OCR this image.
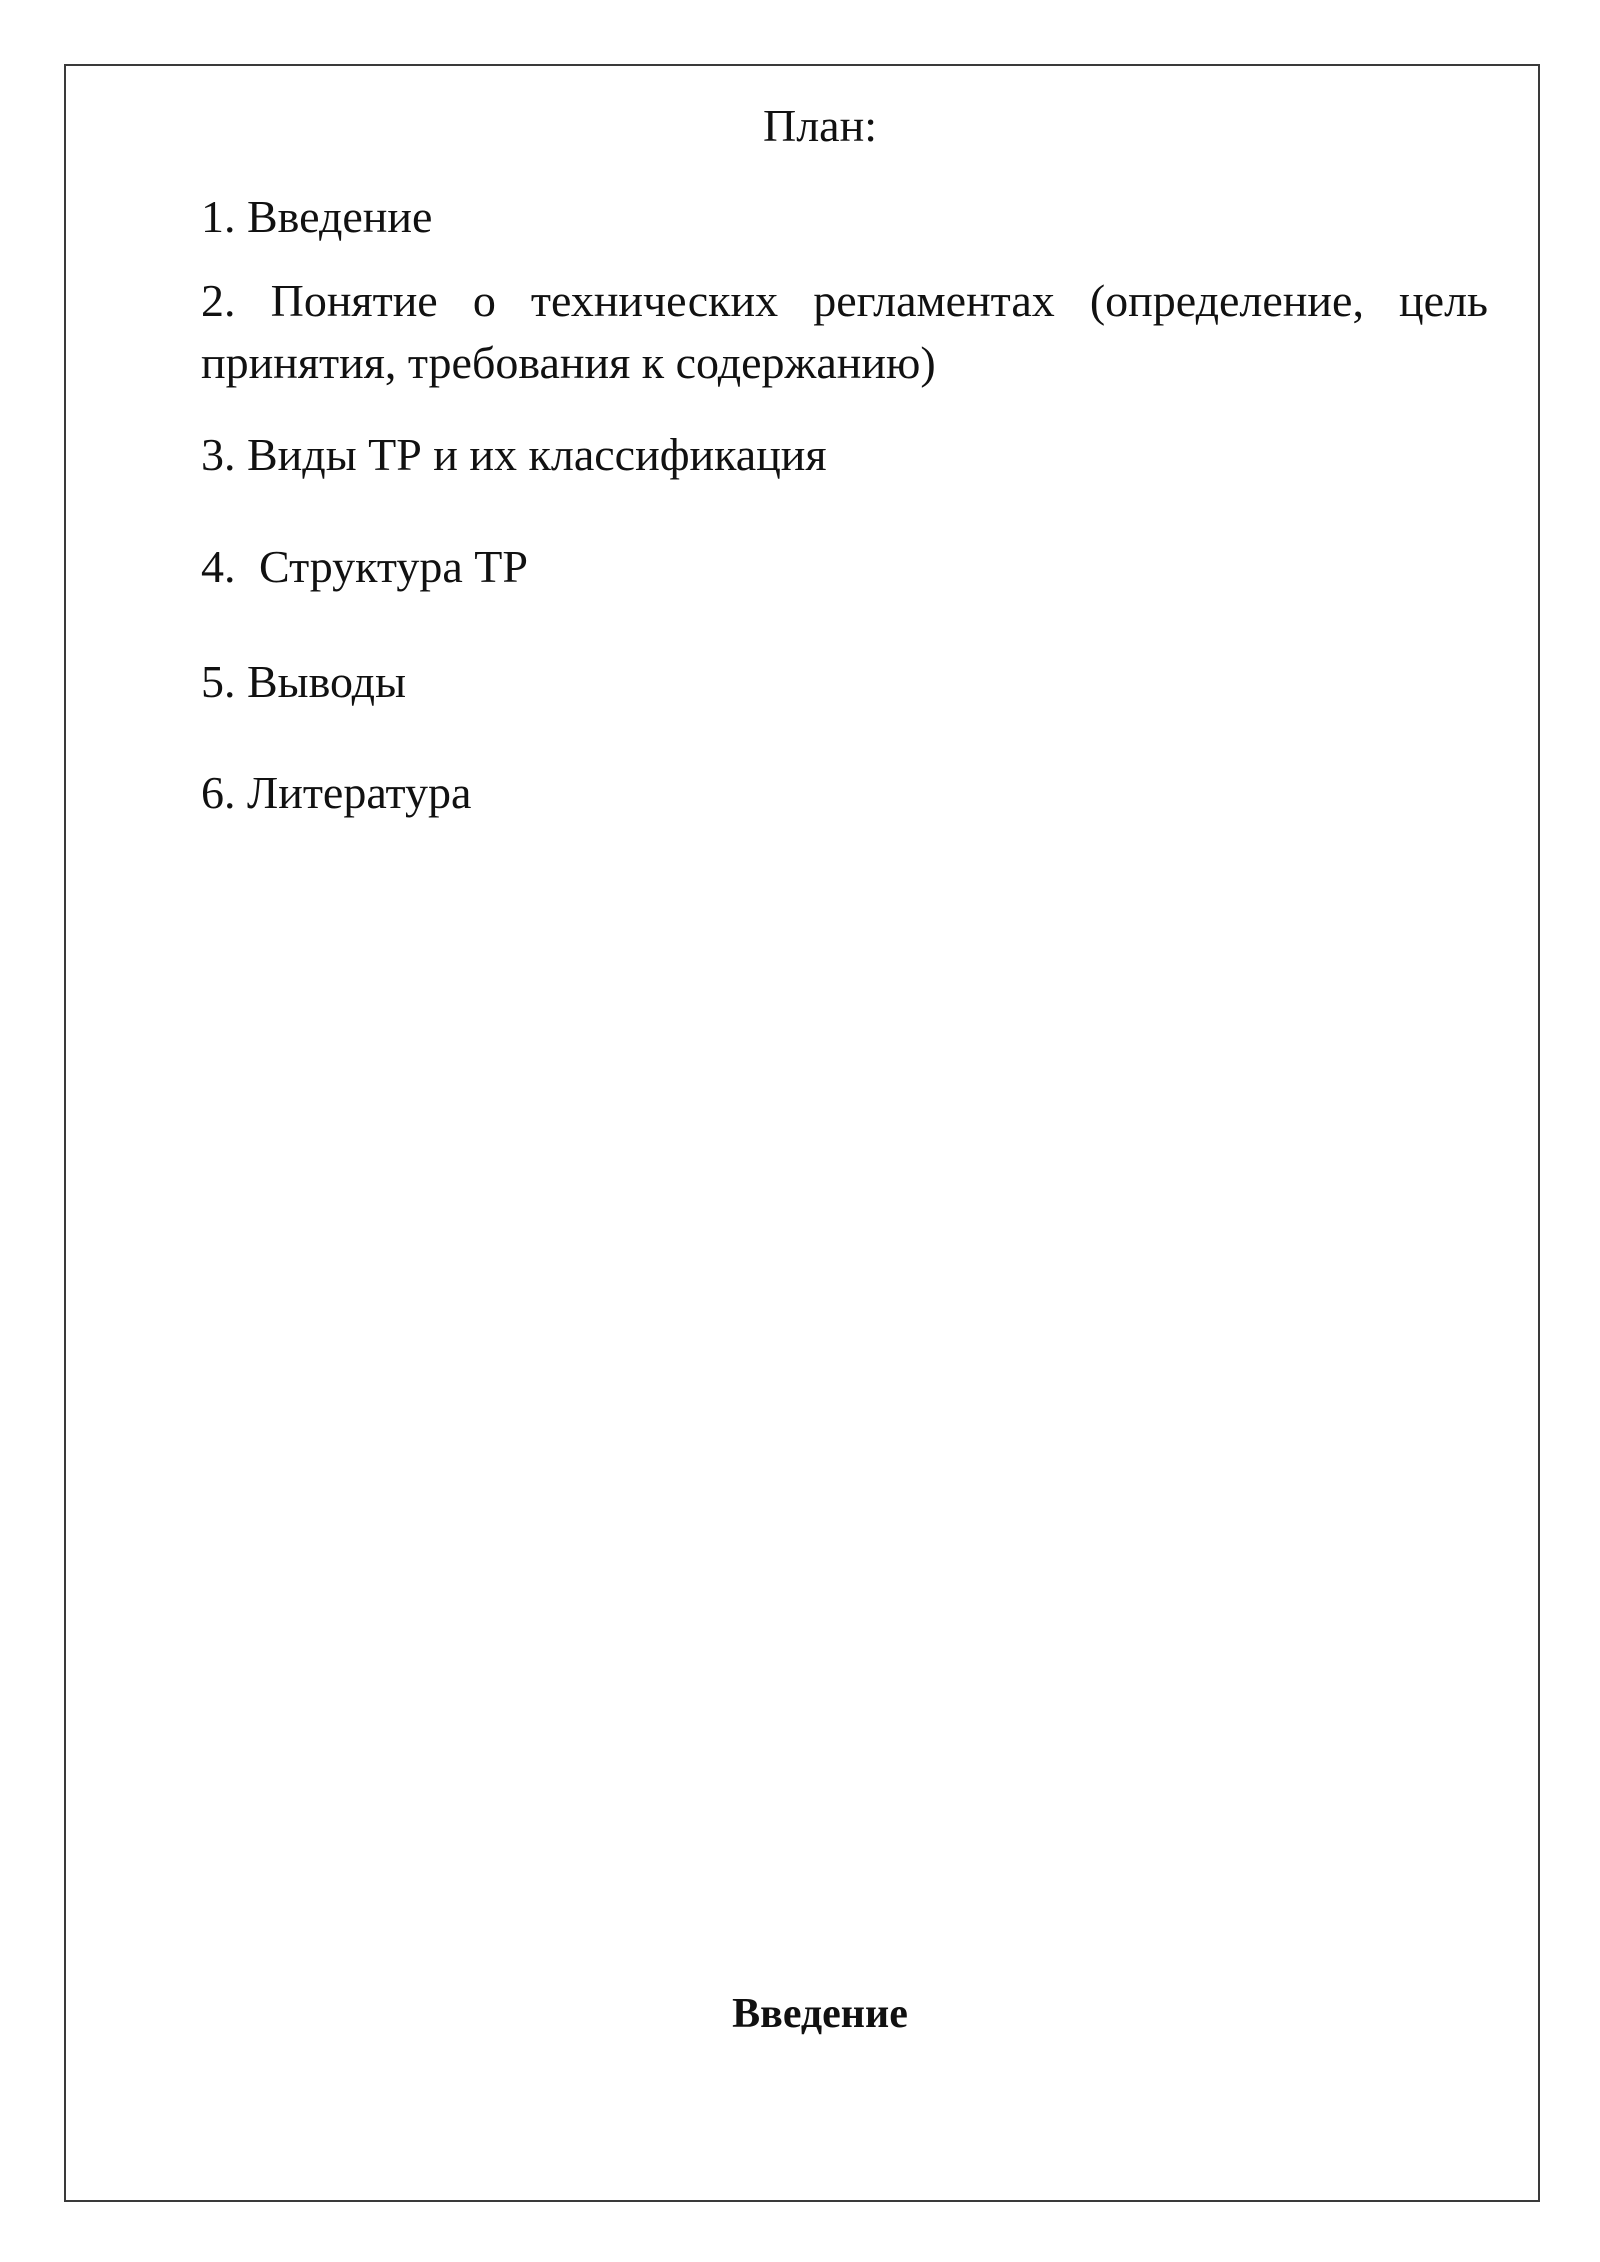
План:
1. Введение
2. Понятие о технических регламентах (определение, цель
принятия, требования к содержанию)
3. Виды ТР и их классификация
4. Структура ТР
5. Выводы
6. Литература
Введение
